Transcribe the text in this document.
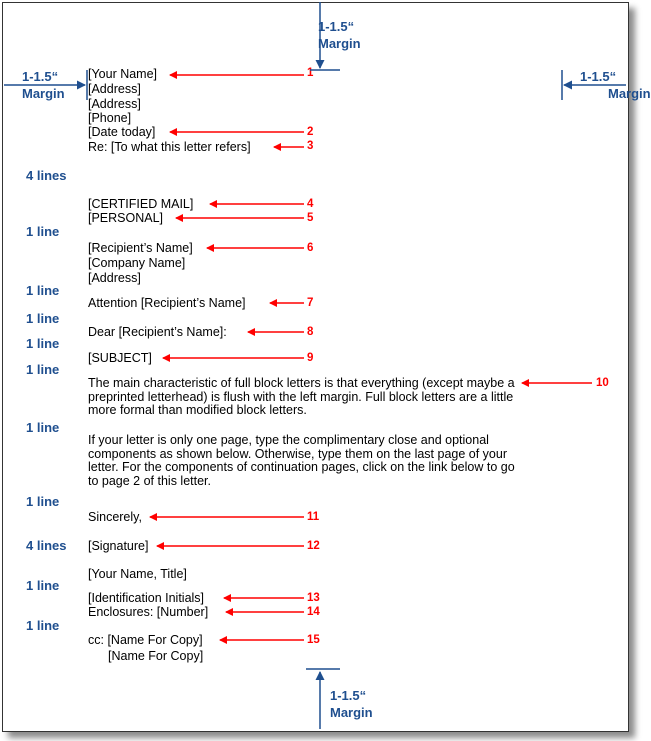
1-1.5“
Margin
1-1.5“
Margin
1-1.5“
Margin
1-1.5“
Margin
[Your Name]
[Address]
[Address]
[Phone]
[Date today]
Re: [To what this letter refers]
[CERTIFIED MAIL]
[PERSONAL]
[Recipient’s Name]
[Company Name]
[Address]
Attention [Recipient’s Name]
Dear [Recipient’s Name]:
[SUBJECT]
The main characteristic of full block letters is that everything (except maybe a preprinted letterhead) is flush with the left margin. Full block letters are a little more formal than modified block letters.
If your letter is only one page, type the complimentary close and optional components as shown below. Otherwise, type them on the last page of your letter. For the components of continuation pages, click on the link below to go to page 2 of this letter.
Sincerely,
[Signature]
[Your Name, Title]
[Identification Initials]
Enclosures: [Number]
cc: [Name For Copy]
[Name For Copy]
4 lines
1 line
1 line
1 line
1 line
1 line
1 line
1 line
4 lines
1 line
1 line
1
2
3
4
5
6
7
8
9
10
11
12
13
14
15
